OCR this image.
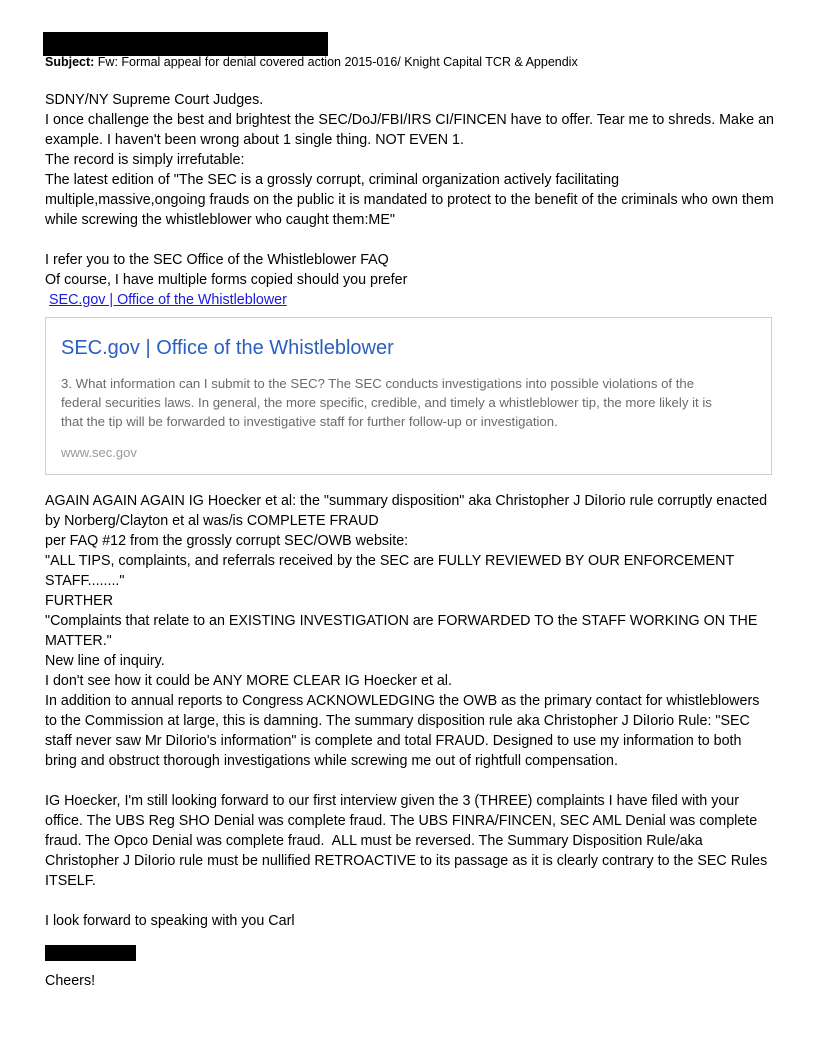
Subject: Fw: Formal appeal for denial covered action 2015-016/ Knight Capital TCR & Appendix

SDNY/NY Supreme Court Judges.

I once challenge the best and brightest the SEC/DoJ/FBI/IRS CI/FINCEN have to offer. Tear me to shreds. Make an example. I haven't been wrong about 1 single thing. NOT EVEN 1.

The record is simply irrefutable:

The latest edition of "The SEC is a grossly corrupt, criminal organization actively facilitating multiple,massive,ongoing frauds on the public it is mandated to protect to the benefit of the criminals who own them while screwing the whistleblower who caught them:ME"

I refer you to the SEC Office of the Whistleblower FAQ

Of course, I have multiple forms copied should you prefer

SEC.gov | Office of the Whistleblower

SEC.gov | Office of the Whistleblower
3. What information can I submit to the SEC? The SEC conducts investigations into possible violations of the federal securities laws. In general, the more specific, credible, and timely a whistleblower tip, the more likely it is that the tip will be forwarded to investigative staff for further follow-up or investigation.
www.sec.gov

AGAIN AGAIN AGAIN IG Hoecker et al: the "summary disposition" aka Christopher J DiIorio rule corruptly enacted by Norberg/Clayton et al was/is COMPLETE FRAUD

per FAQ #12 from the grossly corrupt SEC/OWB website:

"ALL TIPS, complaints, and referrals received by the SEC are FULLY REVIEWED BY OUR ENFORCEMENT STAFF........"

FURTHER

"Complaints that relate to an EXISTING INVESTIGATION are FORWARDED TO the STAFF WORKING ON THE MATTER."

New line of inquiry.

I don't see how it could be ANY MORE CLEAR IG Hoecker et al.

In addition to annual reports to Congress ACKNOWLEDGING the OWB as the primary contact for whistleblowers to the Commission at large, this is damning. The summary disposition rule aka Christopher J DiIorio Rule: "SEC staff never saw Mr DiIorio's information" is complete and total FRAUD. Designed to use my information to both bring and obstruct thorough investigations while screwing me out of rightfull compensation.

IG Hoecker, I'm still looking forward to our first interview given the 3 (THREE) complaints I have filed with your office. The UBS Reg SHO Denial was complete fraud. The UBS FINRA/FINCEN, SEC AML Denial was complete fraud. The Opco Denial was complete fraud.  ALL must be reversed. The Summary Disposition Rule/aka Christopher J DiIorio rule must be nullified RETROACTIVE to its passage as it is clearly contrary to the SEC Rules ITSELF.

I look forward to speaking with you Carl

Cheers!
